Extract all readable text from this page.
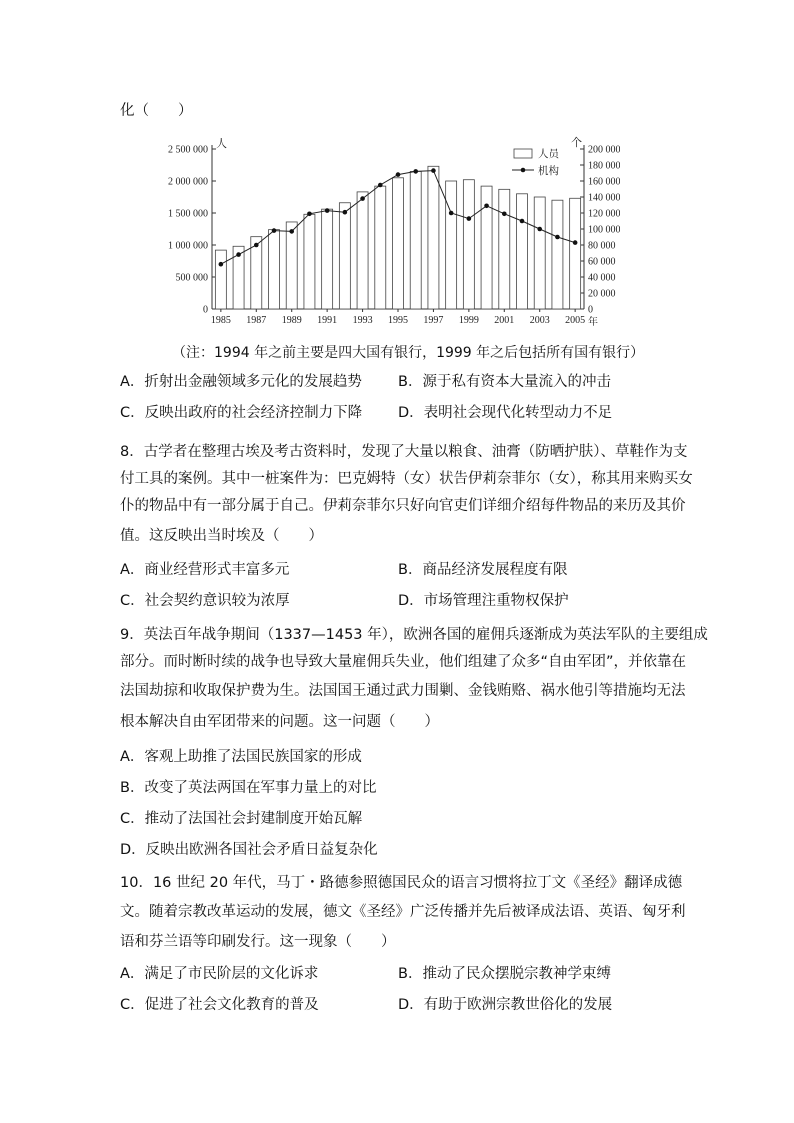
化（　　）
0
500 000
1 000 000
1 500 000
2 000 000
2 500 000
0
20 000
40 000
60 000
80 000
100 000
120 000
140 000
160 000
180 000
200 000
人	个
1985 1987 1989 1991 1993 1995 1997 1999 2001 2003 2005 年
人员
机构
（注：1994 年之前主要是四大国有银行，1999 年之后包括所有国有银行）
A．折射出金融领域多元化的发展趋势 B．源于私有资本大量流入的冲击
C．反映出政府的社会经济控制力下降 D．表明社会现代化转型动力不足
8．古学者在整理古埃及考古资料时，发现了大量以粮食、油膏（防晒护肤）、草鞋作为支
付工具的案例。其中一桩案件为：巴克姆特（女）状告伊莉奈菲尔（女），称其用来购买女
仆的物品中有一部分属于自己。伊莉奈菲尔只好向官吏们详细介绍每件物品的来历及其价
值。这反映出当时埃及（　　）
A．商业经营形式丰富多元	B．商品经济发展程度有限
C．社会契约意识较为浓厚	D．市场管理注重物权保护
9．英法百年战争期间（1337—1453 年），欧洲各国的雇佣兵逐渐成为英法军队的主要组成
部分。而时断时续的战争也导致大量雇佣兵失业，他们组建了众多“自由军团”，并依靠在
法国劫掠和收取保护费为生。法国国王通过武力围剿、金钱贿赂、祸水他引等措施均无法
根本解决自由军团带来的问题。这一问题（　　）
A．客观上助推了法国民族国家的形成
B．改变了英法两国在军事力量上的对比
C．推动了法国社会封建制度开始瓦解
D．反映出欧洲各国社会矛盾日益复杂化
10．16 世纪 20 年代，马丁・路德参照德国民众的语言习惯将拉丁文《圣经》翻译成德
文。随着宗教改革运动的发展，德文《圣经》广泛传播并先后被译成法语、英语、匈牙利
语和芬兰语等印刷发行。这一现象（　　）
A．满足了市民阶层的文化诉求	B．推动了民众摆脱宗教神学束缚
C．促进了社会文化教育的普及	D．有助于欧洲宗教世俗化的发展
